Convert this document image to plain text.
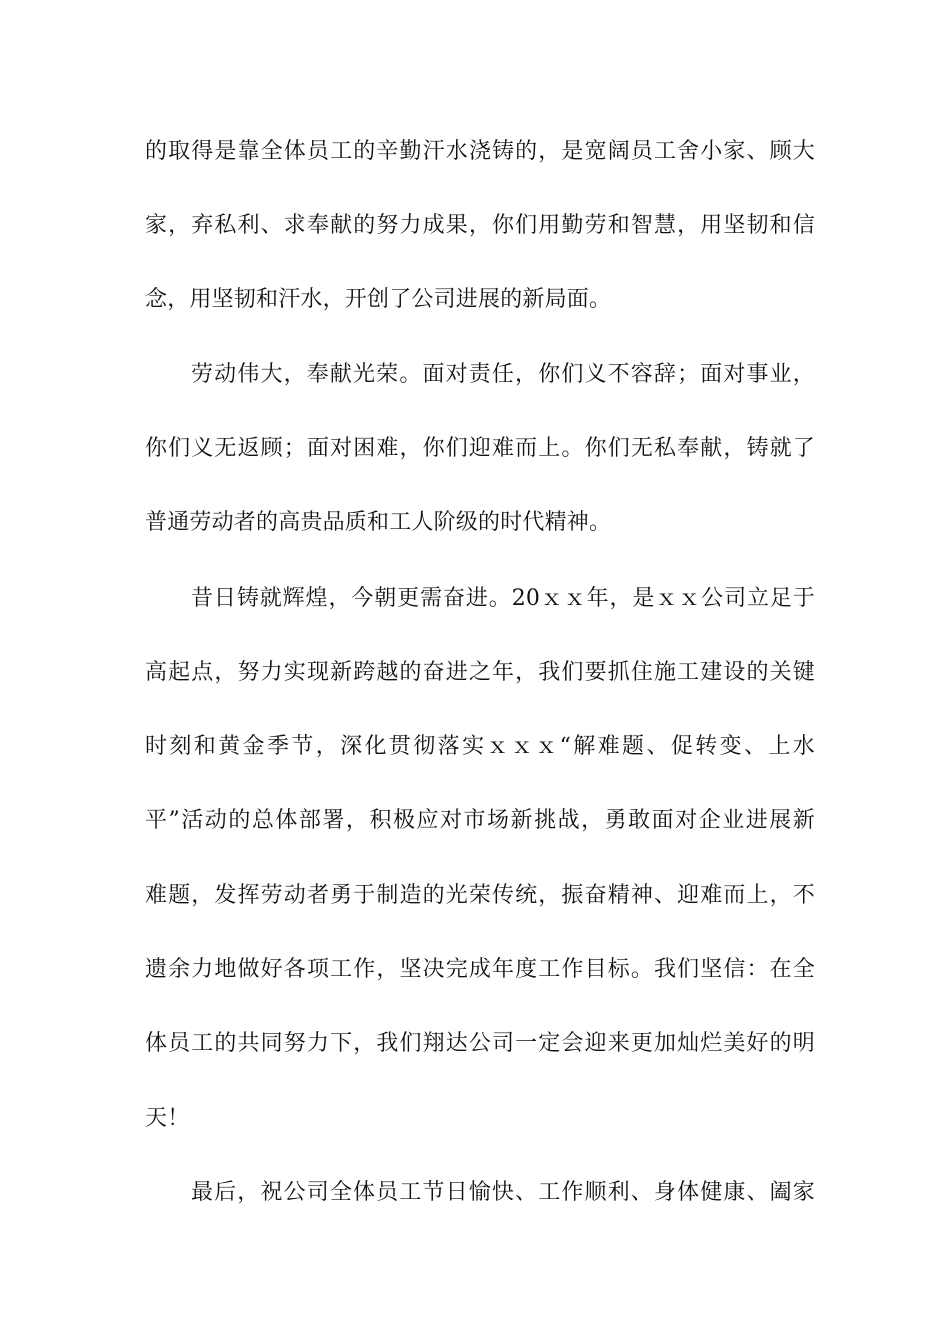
的取得是靠全体员工的辛勤汗水浇铸的，是宽阔员工舍小家、顾大
家，弃私利、求奉献的努力成果，你们用勤劳和智慧，用坚韧和信
念，用坚韧和汗水，开创了公司进展的新局面。
劳动伟大，奉献光荣。面对责任，你们义不容辞；面对事业，
你们义无返顾；面对困难，你们迎难而上。你们无私奉献，铸就了
普通劳动者的高贵品质和工人阶级的时代精神。
昔日铸就辉煌，今朝更需奋进。20ｘｘ年，是ｘｘ公司立足于
高起点，努力实现新跨越的奋进之年，我们要抓住施工建设的关键
时刻和黄金季节，深化贯彻落实ｘｘｘ“解难题、促转变、上水
平”活动的总体部署，积极应对市场新挑战，勇敢面对企业进展新
难题，发挥劳动者勇于制造的光荣传统，振奋精神、迎难而上，不
遗余力地做好各项工作，坚决完成年度工作目标。我们坚信：在全
体员工的共同努力下，我们翔达公司一定会迎来更加灿烂美好的明
天！
最后，祝公司全体员工节日愉快、工作顺利、身体健康、阖家
